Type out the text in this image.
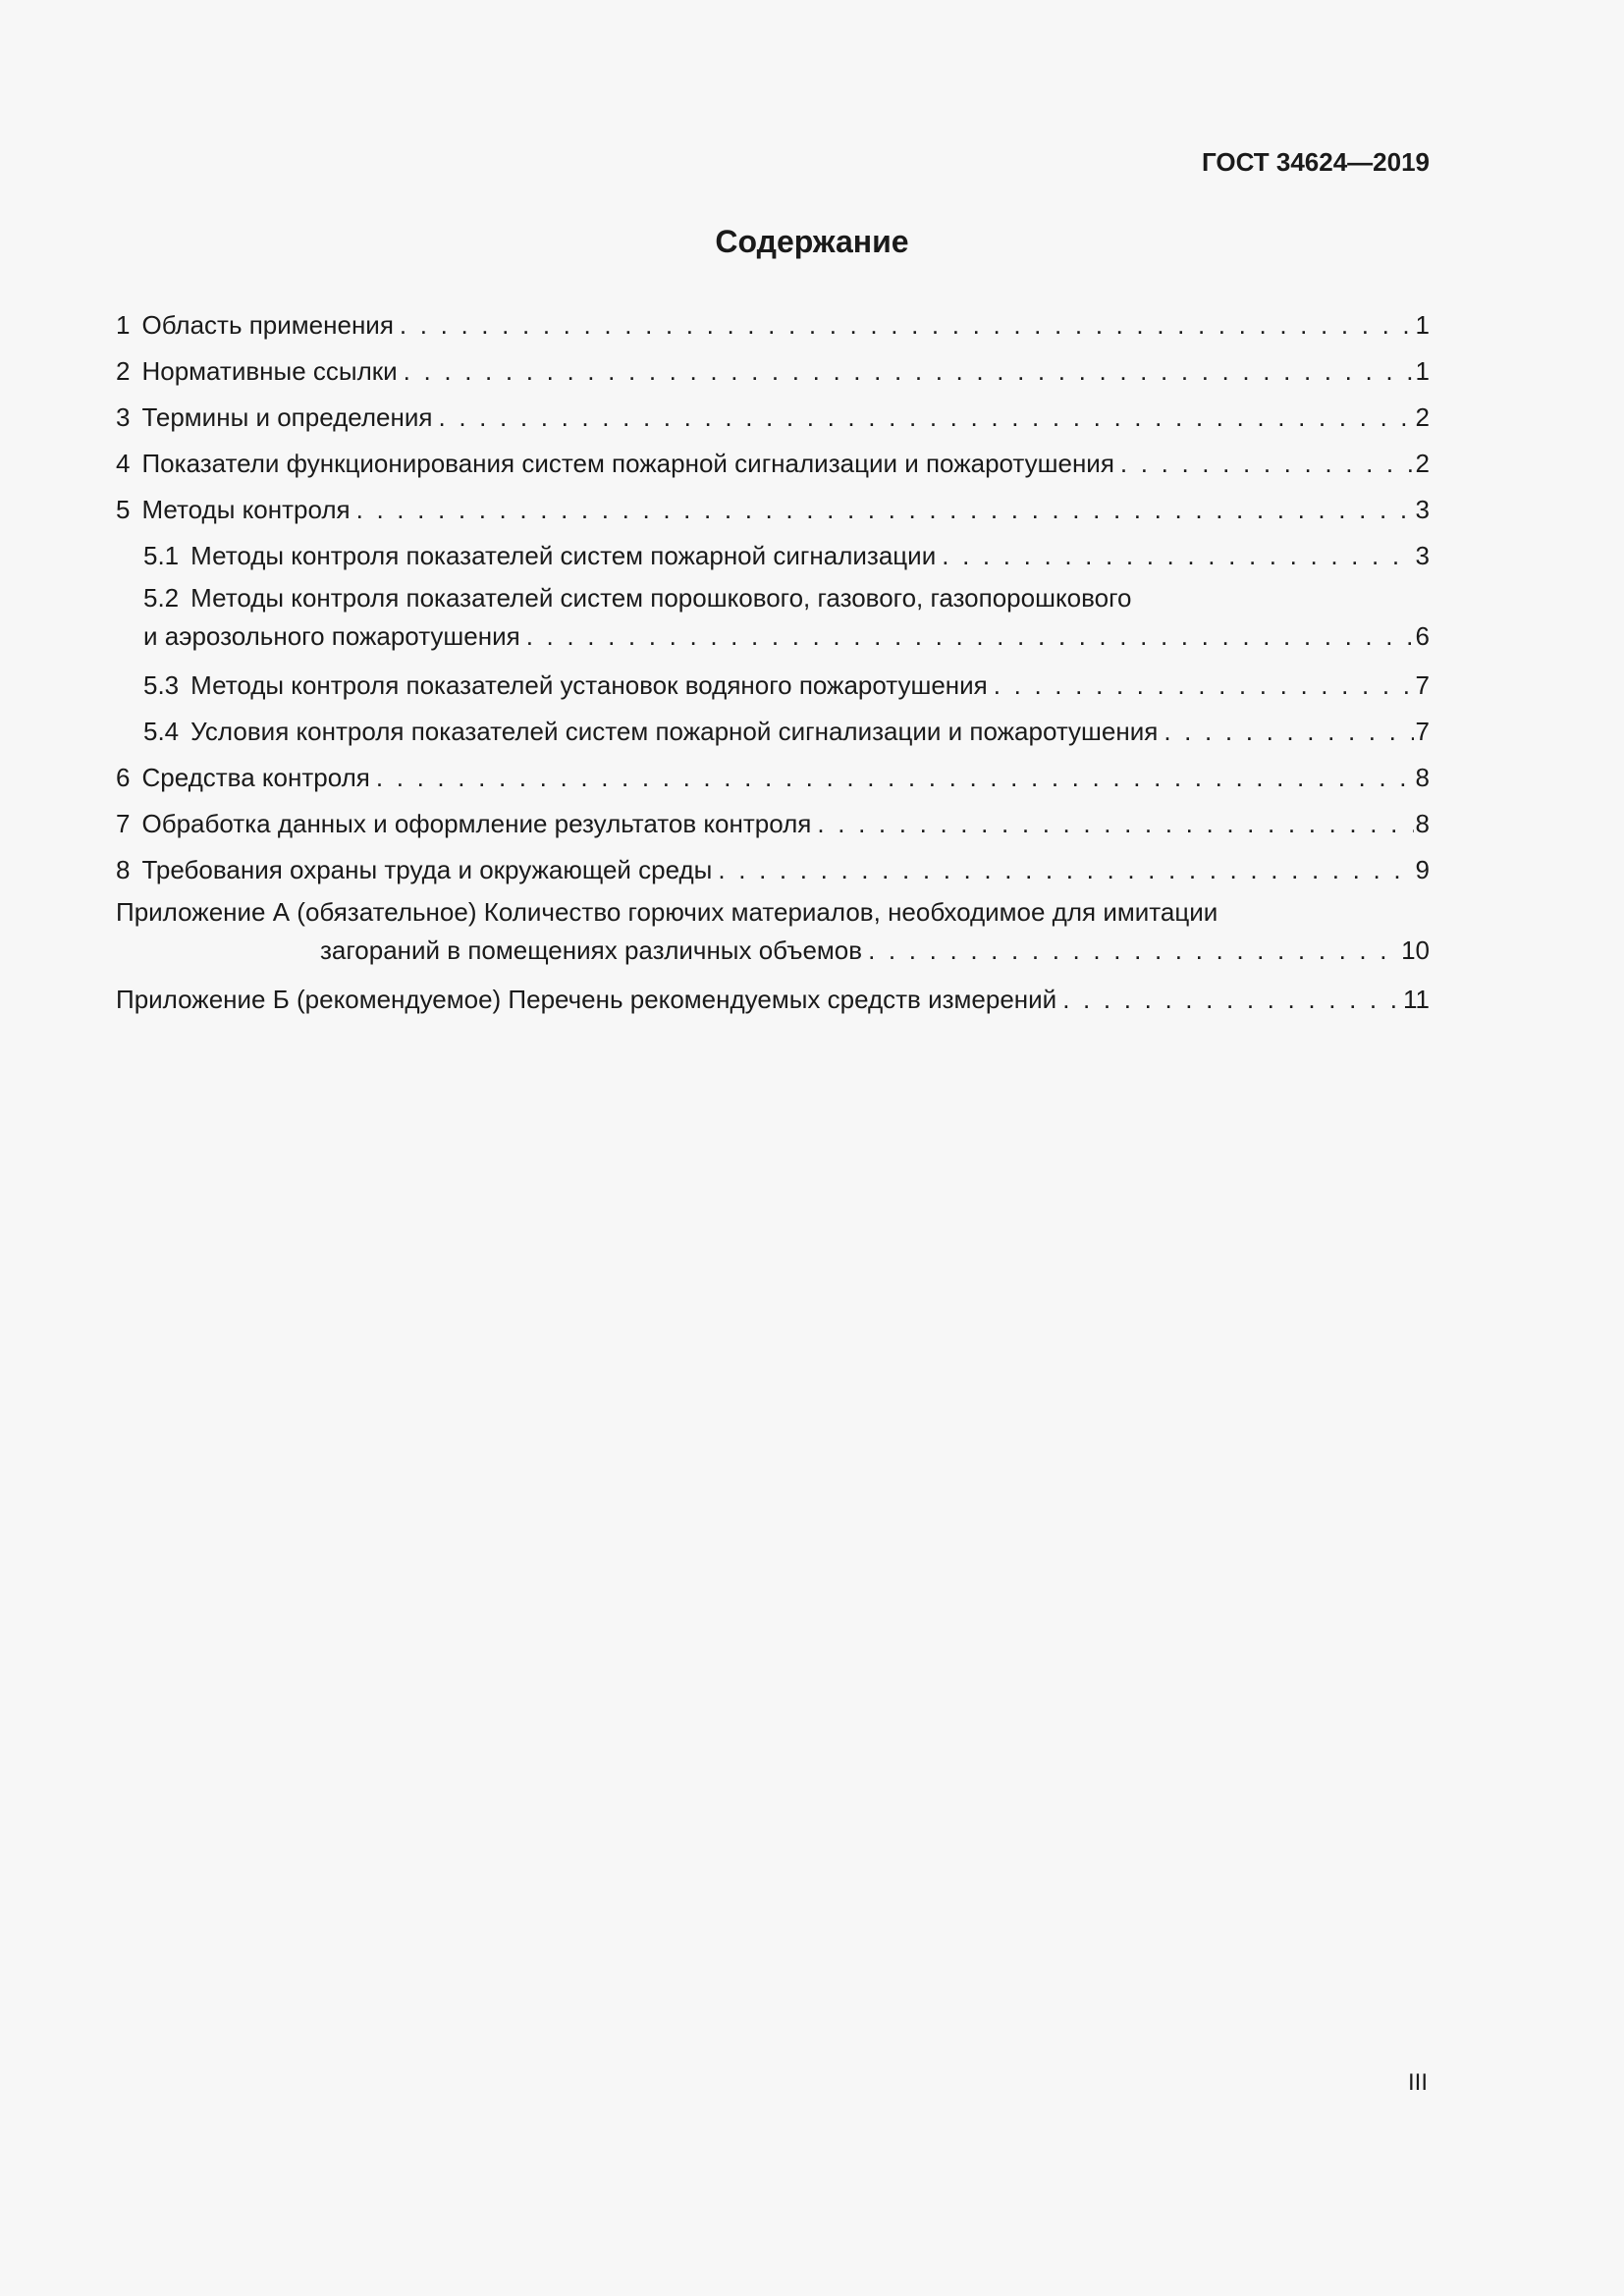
ГОСТ 34624—2019
Содержание
1 Область применения . . .	1
2 Нормативные ссылки . . .	1
3 Термины и определения . . .	2
4 Показатели функционирования систем пожарной сигнализации и пожаротушения . . .	2
5 Методы контроля . . .	3
5.1 Методы контроля показателей систем пожарной сигнализации . . .	3
5.2 Методы контроля показателей систем порошкового, газового, газопорошкового
и аэрозольного пожаротушения . . .	6
5.3 Методы контроля показателей установок водяного пожаротушения . . .	7
5.4 Условия контроля показателей систем пожарной сигнализации и пожаротушения . . .	7
6 Средства контроля . . .	8
7 Обработка данных и оформление результатов контроля . . .	8
8 Требования охраны труда и окружающей среды . . .	9
Приложение А (обязательное) Количество горючих материалов, необходимое для имитации
загораний в помещениях различных объемов . . .	10
Приложение Б (рекомендуемое) Перечень рекомендуемых средств измерений . . .	11
III
